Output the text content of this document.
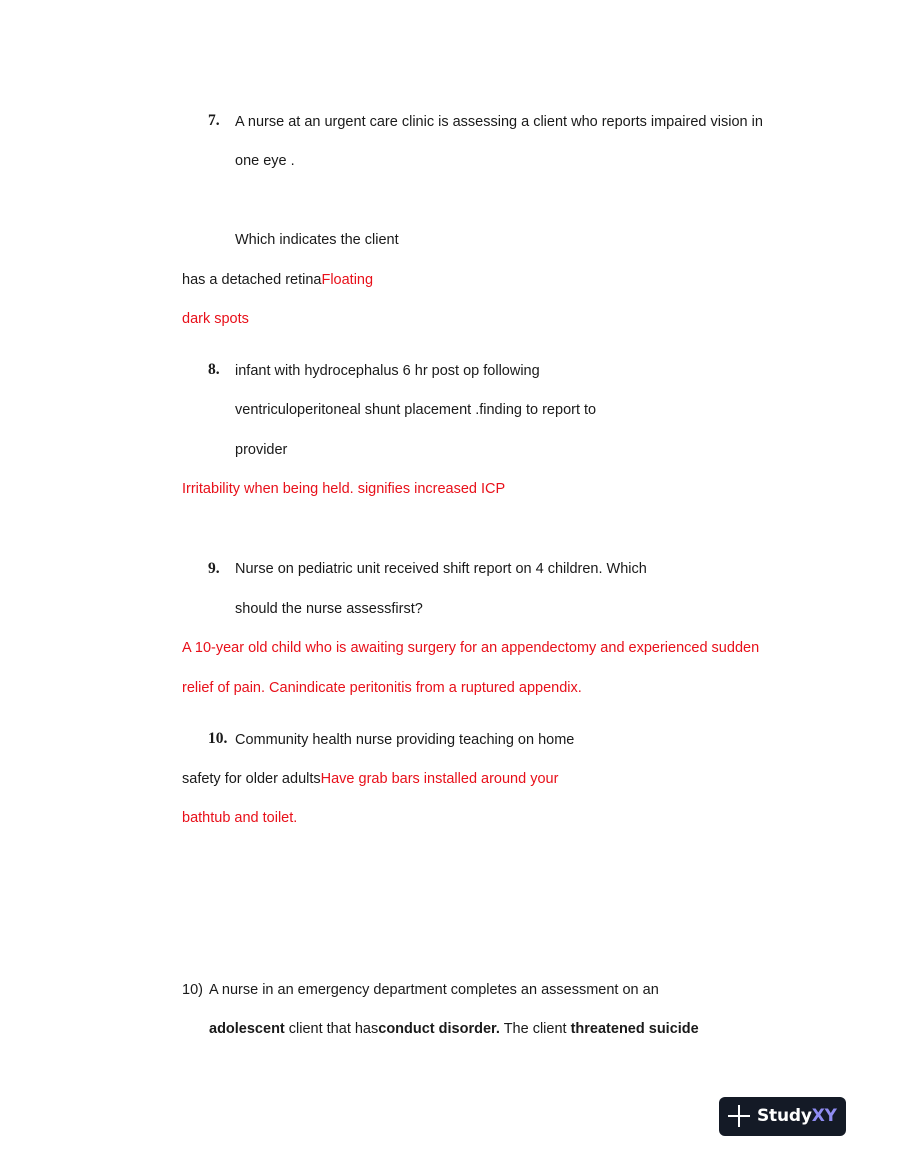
7. A nurse at an urgent care clinic is assessing a client who reports impaired vision in
one eye .
Which indicates the client
has a detached retinaFloating
dark spots
8. infant with hydrocephalus 6 hr post op following
ventriculoperitoneal shunt placement .finding to report to
provider
Irritability when being held. signifies increased ICP
9. Nurse on pediatric unit received shift report on 4 children. Which
should the nurse assessfirst?
A 10-year old child who is awaiting surgery for an appendectomy and experienced sudden
relief of pain. Canindicate peritonitis from a ruptured appendix.
10. Community health nurse providing teaching on home
safety for older adultsHave grab bars installed around your
bathtub and toilet.
10) A nurse in an emergency department completes an assessment on an
adolescent client that hasconduct disorder. The client threatened suicide
StudyXY
